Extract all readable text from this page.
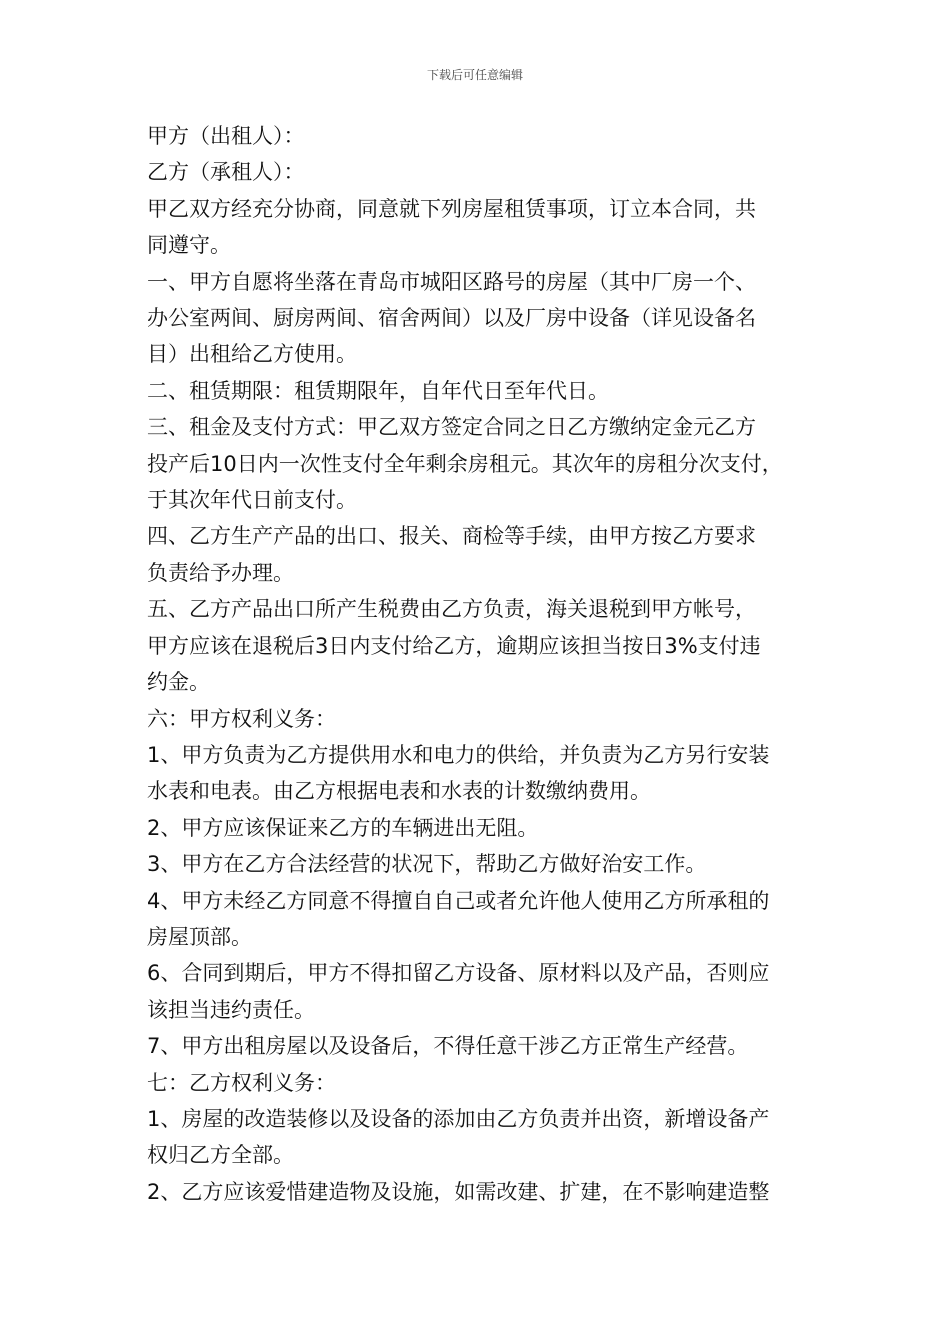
下载后可任意编辑

甲方（出租人）：

乙方（承租人）：

甲乙双方经充分协商，同意就下列房屋租赁事项，订立本合同，共

同遵守。

一、甲方自愿将坐落在青岛市城阳区路号的房屋（其中厂房一个、

办公室两间、厨房两间、宿舍两间）以及厂房中设备（详见设备名

目）出租给乙方使用。

二、租赁期限：租赁期限年，自年代日至年代日。

三、租金及支付方式：甲乙双方签定合同之日乙方缴纳定金元乙方

投产后10日内一次性支付全年剩余房租元。其次年的房租分次支付，

于其次年代日前支付。

四、乙方生产产品的出口、报关、商检等手续，由甲方按乙方要求

负责给予办理。

五、乙方产品出口所产生税费由乙方负责，海关退税到甲方帐号，

甲方应该在退税后3日内支付给乙方，逾期应该担当按日3%支付违

约金。

六：甲方权利义务：

1、甲方负责为乙方提供用水和电力的供给，并负责为乙方另行安装

水表和电表。由乙方根据电表和水表的计数缴纳费用。

2、甲方应该保证来乙方的车辆进出无阻。

3、甲方在乙方合法经营的状况下，帮助乙方做好治安工作。

4、甲方未经乙方同意不得擅自自己或者允许他人使用乙方所承租的

房屋顶部。

6、合同到期后，甲方不得扣留乙方设备、原材料以及产品，否则应

该担当违约责任。

7、甲方出租房屋以及设备后，不得任意干涉乙方正常生产经营。

七：乙方权利义务：

1、房屋的改造装修以及设备的添加由乙方负责并出资，新增设备产

权归乙方全部。

2、乙方应该爱惜建造物及设施，如需改建、扩建，在不影响建造整
